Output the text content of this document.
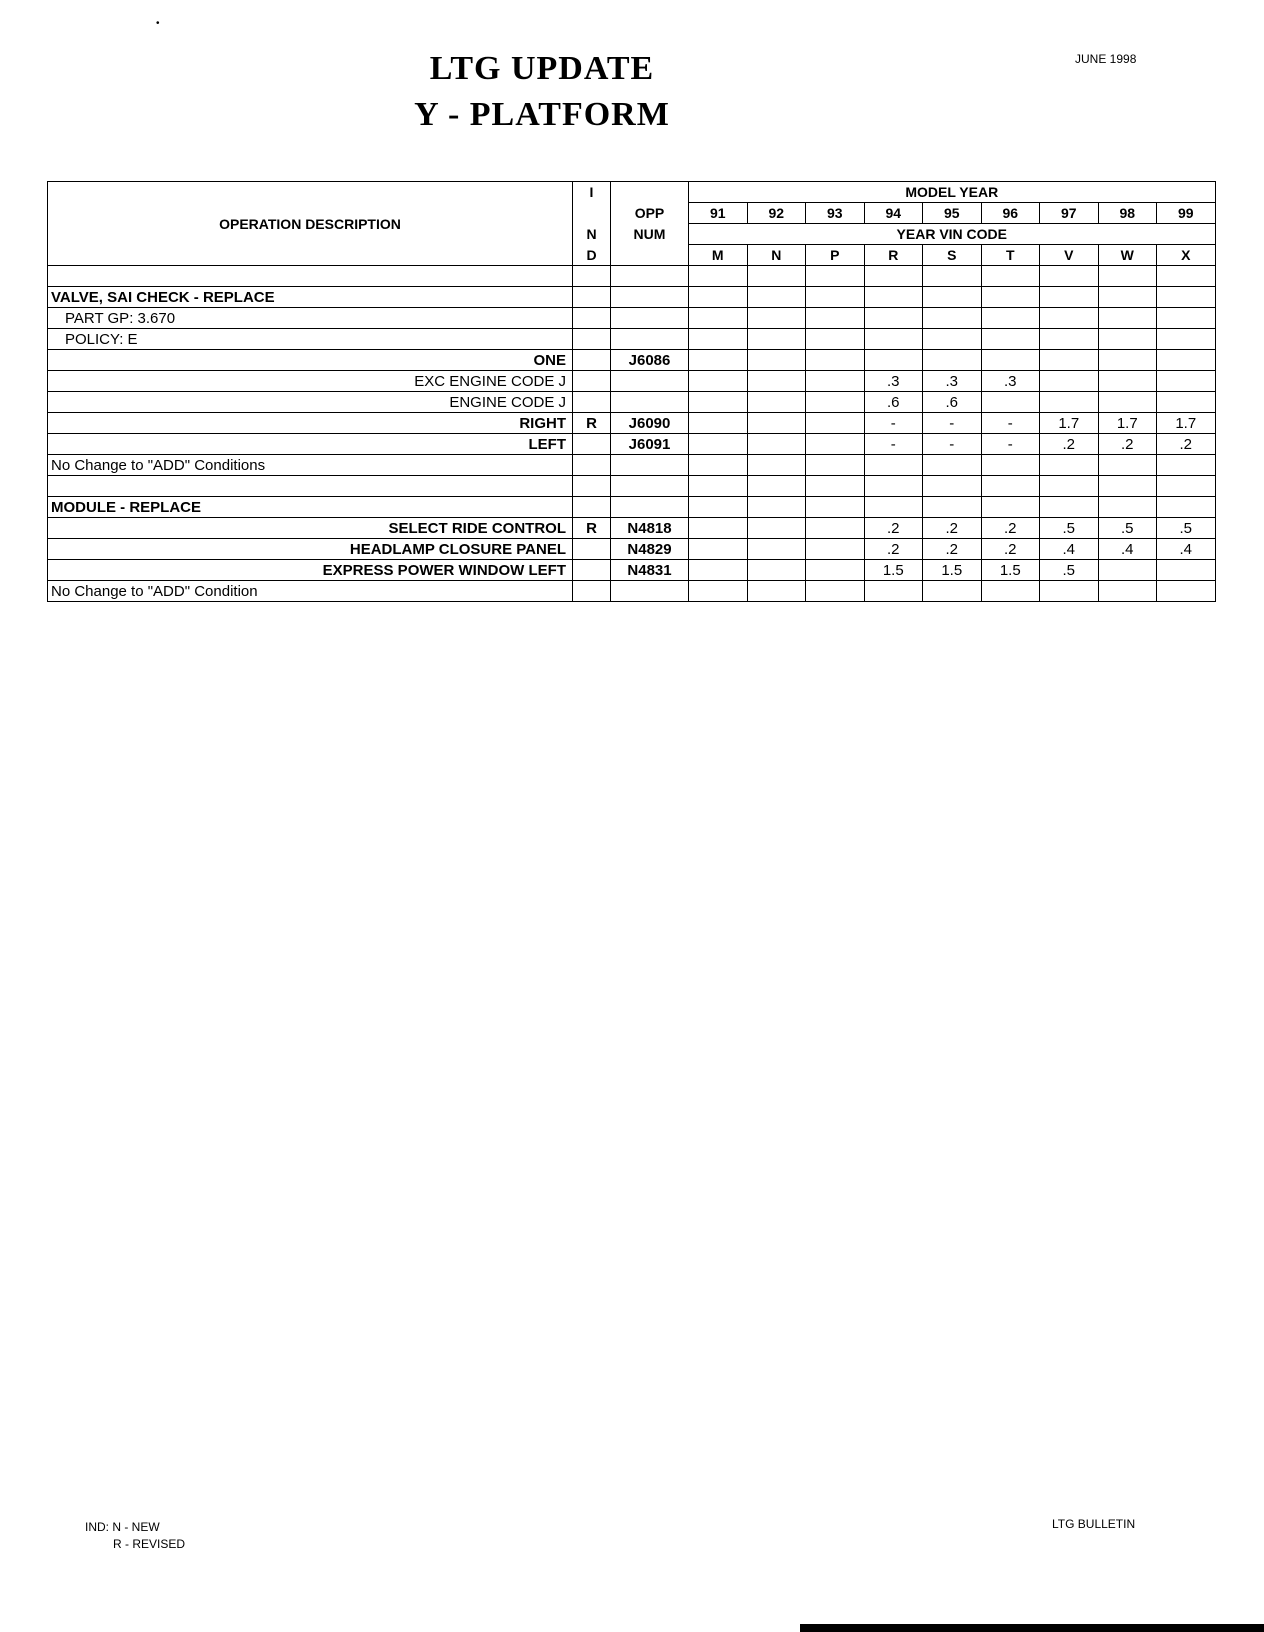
•
JUNE 1998
LTG UPDATE
Y - PLATFORM
OPERATION DESCRIPTION	I		MODEL YEAR								
		OPP	91	92	93	94	95	96	97	98	99
	N	NUM	YEAR VIN CODE								
	D		M	N	P	R	S	T	V	W	X

VALVE, SAI CHECK - REPLACE											
PART GP: 3.670											
POLICY: E											
ONE		J6086									
EXC ENGINE CODE J						.3	.3	.3			
ENGINE CODE J						.6	.6				
RIGHT	R	J6090				-	-	-	1.7	1.7	1.7
LEFT		J6091				-	-	-	.2	.2	.2
No Change to "ADD" Conditions											

MODULE - REPLACE											
SELECT RIDE CONTROL	R	N4818				.2	.2	.2	.5	.5	.5
HEADLAMP CLOSURE PANEL		N4829				.2	.2	.2	.4	.4	.4
EXPRESS POWER WINDOW LEFT		N4831				1.5	1.5	1.5	.5		
No Change to "ADD" Condition											
IND: N - NEW
R - REVISED
LTG BULLETIN
